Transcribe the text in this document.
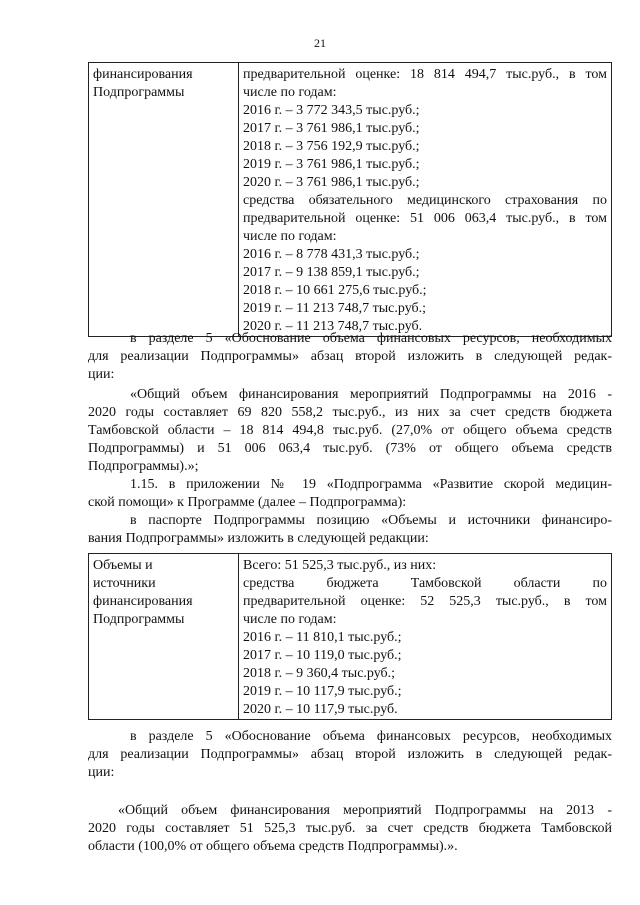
21
финансирования
Подпрограммы

предварительной оценке: 18 814 494,7 тыс.руб., в том
числе по годам:
2016 г. – 3 772 343,5 тыс.руб.;
2017 г. – 3 761 986,1 тыс.руб.;
2018 г. – 3 756 192,9 тыс.руб.;
2019 г. – 3 761 986,1 тыс.руб.;
2020 г. – 3 761 986,1 тыс.руб.;
средства обязательного медицинского страхования по
предварительной оценке: 51 006 063,4 тыс.руб., в том
числе по годам:
2016 г. – 8 778 431,3 тыс.руб.;
2017 г. – 9 138 859,1 тыс.руб.;
2018 г. – 10 661 275,6 тыс.руб.;
2019 г. – 11 213 748,7 тыс.руб.;
2020 г. – 11 213 748,7 тыс.руб.
в разделе 5 «Обоснование объема финансовых ресурсов, необходимых
для реализации Подпрограммы» абзац второй изложить в следующей редак-
ции:
«Общий объем финансирования мероприятий Подпрограммы на 2016 -
2020 годы составляет 69 820 558,2 тыс.руб., из них за счет средств бюджета
Тамбовской области – 18 814 494,8 тыс.руб. (27,0% от общего объема средств
Подпрограммы) и 51 006 063,4 тыс.руб. (73% от общего объема средств
Подпрограммы).»;
1.15. в приложении № 19 «Подпрограмма «Развитие скорой медицин-
ской помощи» к Программе (далее – Подпрограмма):
в паспорте Подпрограммы позицию «Объемы и источники финансиро-
вания Подпрограммы» изложить в следующей редакции:
Объемы и
источники
финансирования
Подпрограммы

Всего: 51 525,3 тыс.руб., из них:
средства бюджета Тамбовской области по
предварительной оценке: 52 525,3 тыс.руб., в том
числе по годам:
2016 г. – 11 810,1 тыс.руб.;
2017 г. – 10 119,0 тыс.руб.;
2018 г. – 9 360,4 тыс.руб.;
2019 г. – 10 117,9 тыс.руб.;
2020 г. – 10 117,9 тыс.руб.
в разделе 5 «Обоснование объема финансовых ресурсов, необходимых
для реализации Подпрограммы» абзац второй изложить в следующей редак-
ции:
«Общий объем финансирования мероприятий Подпрограммы на 2013 -
2020 годы составляет 51 525,3 тыс.руб. за счет средств бюджета Тамбовской
области (100,0% от общего объема средств Подпрограммы).».
